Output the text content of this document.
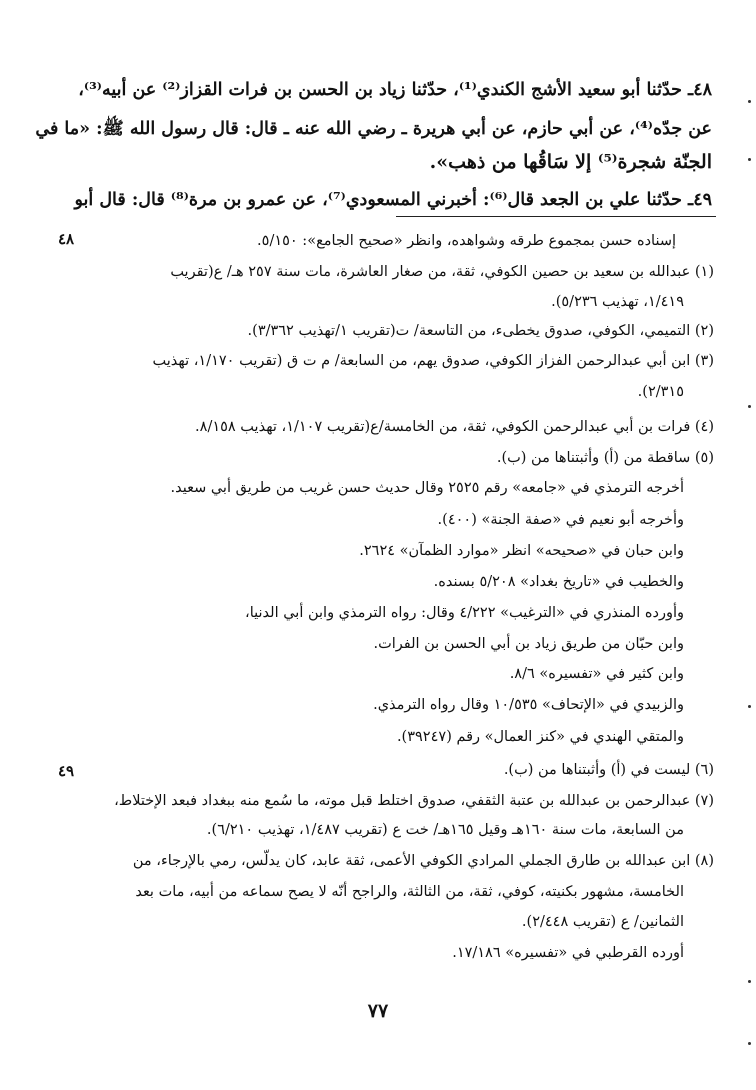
٤٨ـ حدّثنا أبو سعيد الأشج الكندي⁽¹⁾، حدّثنا زياد بن الحسن بن فرات القزاز⁽²⁾ عن أبيه⁽³⁾،
عن جدّه⁽⁴⁾، عن أبي حازم، عن أبي هريرة ـ رضي الله عنه ـ قال: قال رسول الله ﷺ: «ما في
الجنّة شجرة⁽⁵⁾ إلا سَاقُها من ذهب».
٤٩ـ حدّثنا علي بن الجعد قال⁽⁶⁾: أخبرني المسعودي⁽⁷⁾، عن عمرو بن مرة⁽⁸⁾ قال: قال أبو
٤٨
٤٩
إسناده حسن بمجموع طرقه وشواهده، وانظر «صحيح الجامع»: ٥/١٥٠.
(١) عبدالله بن سعيد بن حصين الكوفي، ثقة، من صغار العاشرة، مات سنة ٢٥٧ هـ/ ع(تقريب
١/٤١٩، تهذيب ٥/٢٣٦).
(٢) التميمي، الكوفي، صدوق يخطىء، من التاسعة/ ت(تقريب ١/تهذيب ٣/٣٦٢).
(٣) ابن أبي عبدالرحمن الفزاز الكوفي، صدوق يهم، من السابعة/ م ت ق (تقريب ١/١٧٠، تهذيب
٢/٣١٥).
(٤) فرات بن أبي عبدالرحمن الكوفي، ثقة، من الخامسة/ع(تقريب ١/١٠٧، تهذيب ٨/١٥٨.
(٥) ساقطة من (أ) وأثبتناها من (ب).
أخرجه الترمذي في «جامعه» رقم ٢٥٢٥ وقال حديث حسن غريب من طريق أبي سعيد.
وأخرجه أبو نعيم في «صفة الجنة» (٤٠٠).
وابن حبان في «صحيحه» انظر «موارد الظمآن» ٢٦٢٤.
والخطيب في «تاريخ بغداد» ٥/٢٠٨ بسنده.
وأورده المنذري في «الترغيب» ٤/٢٢٢ وقال: رواه الترمذي وابن أبي الدنيا،
وابن حبّان من طريق زياد بن أبي الحسن بن الفرات.
وابن كثير في «تفسيره» ٨/٦.
والزبيدي في «الإتحاف» ١٠/٥٣٥ وقال رواه الترمذي.
والمتقي الهندي في «كنز العمال» رقم (٣٩٢٤٧).
(٦) ليست في (أ) وأثبتناها من (ب).
(٧) عبدالرحمن بن عبدالله بن عتبة الثقفي، صدوق اختلط قبل موته، ما سُمع منه ببغداد فبعد الإختلاط،
من السابعة، مات سنة ١٦٠هـ وقيل ١٦٥هـ/ خت ع (تقريب ١/٤٨٧، تهذيب ٦/٢١٠).
(٨) ابن عبدالله بن طارق الجملي المرادي الكوفي الأعمى، ثقة عابد، كان يدلّس، رمي بالإرجاء، من
الخامسة، مشهور بكنيته، كوفي، ثقة، من الثالثة، والراجح أنّه لا يصح سماعه من أبيه، مات بعد
الثمانين/ ع (تقريب ٢/٤٤٨).
أورده القرطبي في «تفسيره» ١٧/١٨٦.
٧٧
